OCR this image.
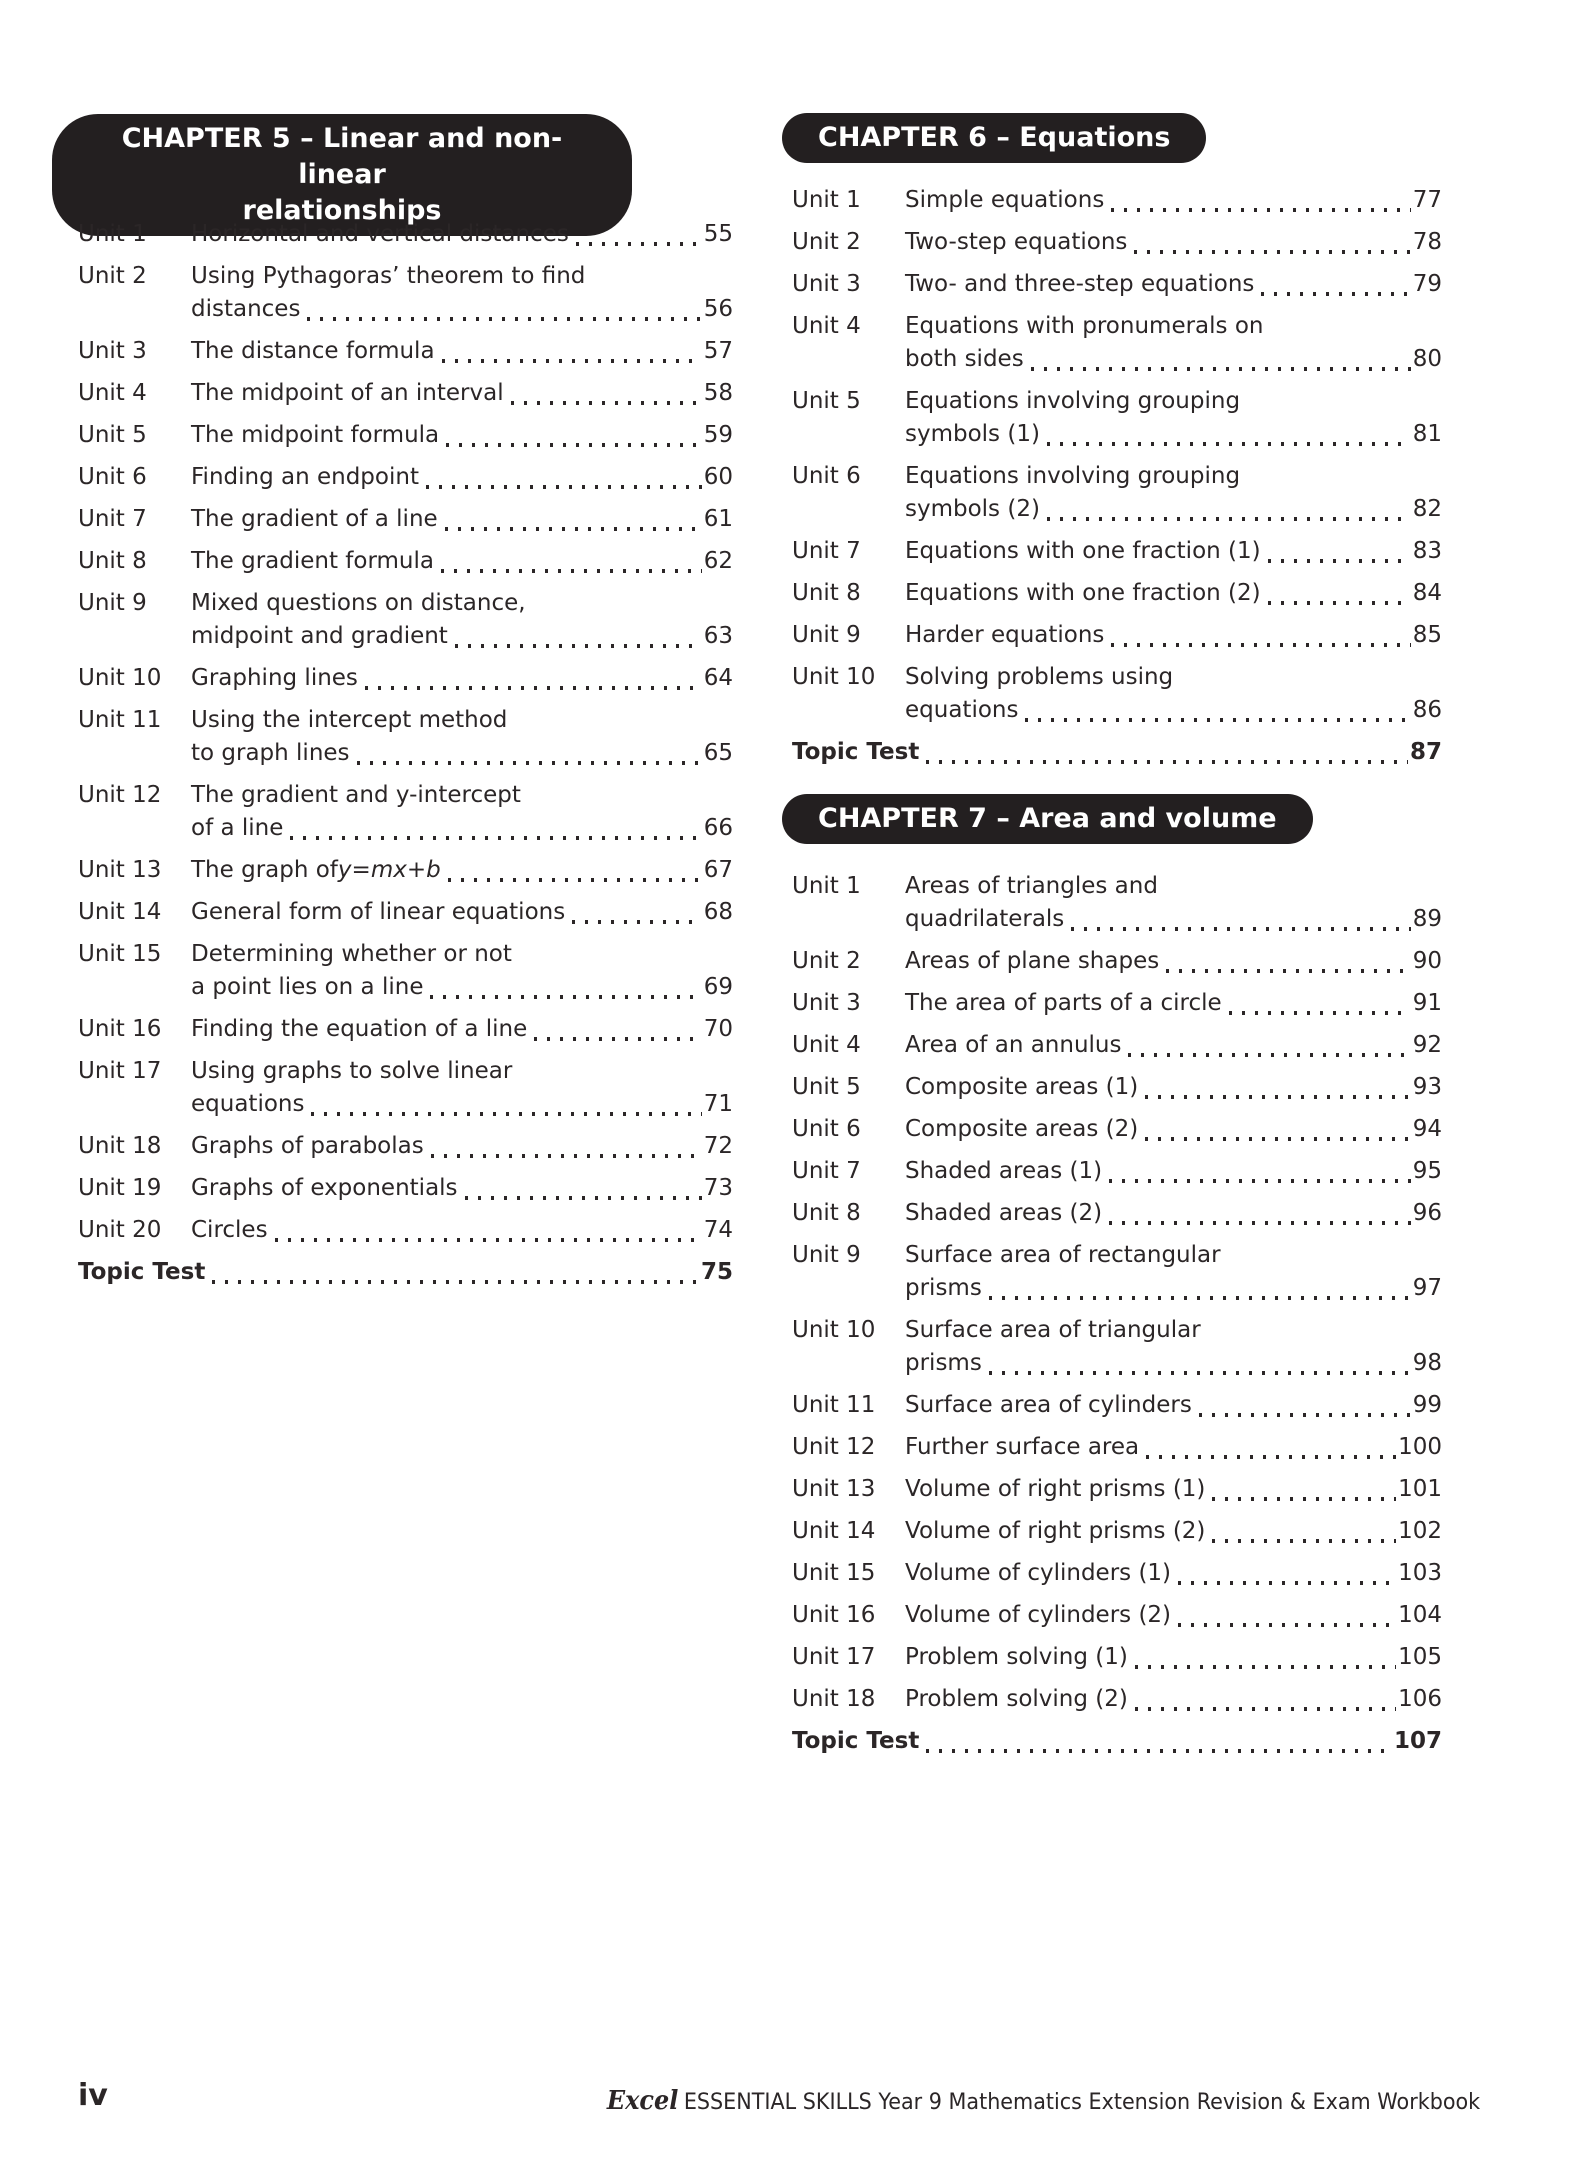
CHAPTER 5 – Linear and non-linear
relationships
Unit 1	Horizontal and vertical distances	55
Unit 2	Using Pythagoras’ theorem to find
distances	56
Unit 3	The distance formula	57
Unit 4	The midpoint of an interval	58
Unit 5	The midpoint formula	59
Unit 6	Finding an endpoint	60
Unit 7	The gradient of a line	61
Unit 8	The gradient formula	62
Unit 9	Mixed questions on distance,
midpoint and gradient	63
Unit 10	Graphing lines	64
Unit 11	Using the intercept method
to graph lines	65
Unit 12	The gradient and y-intercept
of a line	66
Unit 13	The graph of y = mx + b	67
Unit 14	General form of linear equations	68
Unit 15	Determining whether or not
a point lies on a line	69
Unit 16	Finding the equation of a line	70
Unit 17	Using graphs to solve linear
equations	71
Unit 18	Graphs of parabolas	72
Unit 19	Graphs of exponentials	73
Unit 20	Circles	74
Topic Test	75
CHAPTER 6 – Equations
Unit 1	Simple equations	77
Unit 2	Two-step equations	78
Unit 3	Two- and three-step equations	79
Unit 4	Equations with pronumerals on
both sides	80
Unit 5	Equations involving grouping
symbols (1)	81
Unit 6	Equations involving grouping
symbols (2)	82
Unit 7	Equations with one fraction (1)	83
Unit 8	Equations with one fraction (2)	84
Unit 9	Harder equations	85
Unit 10	Solving problems using
equations	86
Topic Test	87
CHAPTER 7 – Area and volume
Unit 1	Areas of triangles and
quadrilaterals	89
Unit 2	Areas of plane shapes	90
Unit 3	The area of parts of a circle	91
Unit 4	Area of an annulus	92
Unit 5	Composite areas (1)	93
Unit 6	Composite areas (2)	94
Unit 7	Shaded areas (1)	95
Unit 8	Shaded areas (2)	96
Unit 9	Surface area of rectangular
prisms	97
Unit 10	Surface area of triangular
prisms	98
Unit 11	Surface area of cylinders	99
Unit 12	Further surface area	100
Unit 13	Volume of right prisms (1)	101
Unit 14	Volume of right prisms (2)	102
Unit 15	Volume of cylinders (1)	103
Unit 16	Volume of cylinders (2)	104
Unit 17	Problem solving (1)	105
Unit 18	Problem solving (2)	106
Topic Test	107
iv	Excel ESSENTIAL SKILLS Year 9 Mathematics Extension Revision & Exam Workbook
